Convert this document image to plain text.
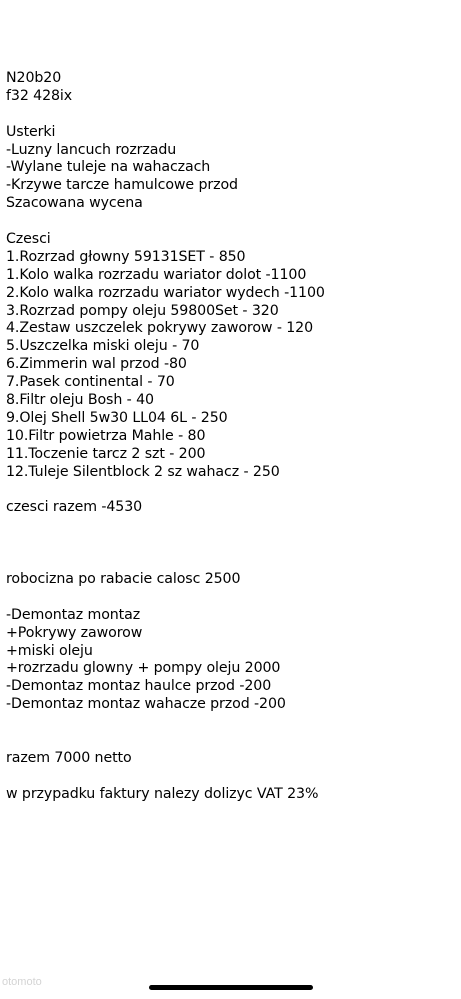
N20b20
f32 428ix
Usterki
-Luzny lancuch rozrzadu
-Wylane tuleje na wahaczach
-Krzywe tarcze hamulcowe przod
Szacowana wycena
Czesci
1.Rozrzad głowny 59131SET - 850
1.Kolo walka rozrzadu wariator dolot -1100
2.Kolo walka rozrzadu wariator wydech -1100
3.Rozrzad pompy oleju 59800Set - 320
4.Zestaw uszczelek pokrywy zaworow - 120
5.Uszczelka miski oleju - 70
6.Zimmerin wal przod -80
7.Pasek continental - 70
8.Filtr oleju Bosh - 40
9.Olej Shell 5w30 LL04 6L - 250
10.Filtr powietrza Mahle - 80
11.Toczenie tarcz 2 szt - 200
12.Tuleje Silentblock 2 sz wahacz - 250
czesci razem -4530
robocizna po rabacie calosc 2500
-Demontaz montaz
+Pokrywy zaworow
+miski oleju
+rozrzadu glowny + pompy oleju 2000
-Demontaz montaz haulce przod -200
-Demontaz montaz wahacze przod -200
razem 7000 netto
w przypadku faktury nalezy dolizyc VAT 23%
otomoto
